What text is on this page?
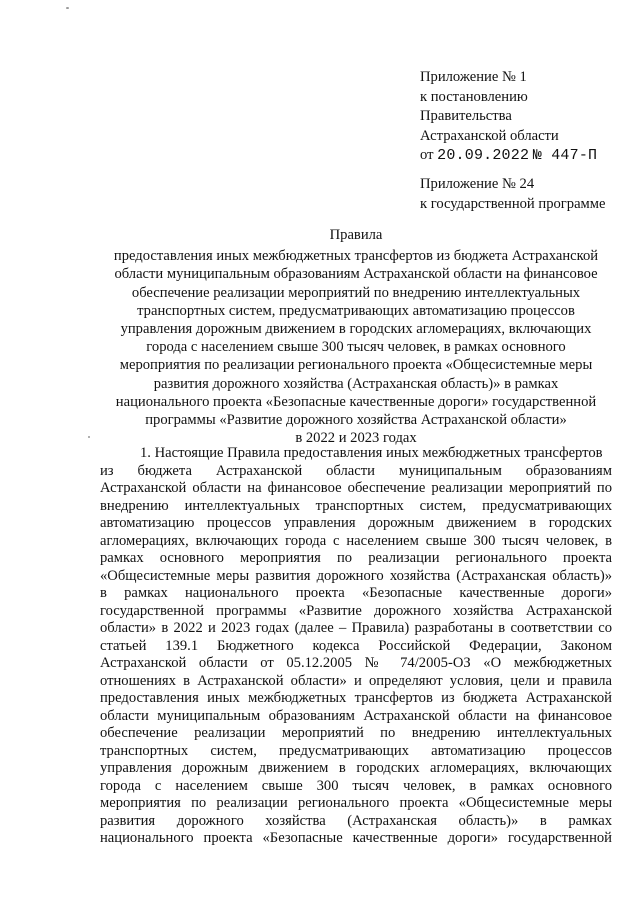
Приложение № 1
к постановлению
Правительства
Астраханской области
от 20.09.2022 № 447-П
Приложение № 24
к государственной программе
Правила
предоставления иных межбюджетных трансфертов из бюджета Астраханской
области муниципальным образованиям Астраханской области на финансовое
обеспечение реализации мероприятий по внедрению интеллектуальных
транспортных систем, предусматривающих автоматизацию процессов
управления дорожным движением в городских агломерациях, включающих
города с населением свыше 300 тысяч человек, в рамках основного
мероприятия по реализации регионального проекта «Общесистемные меры
развития дорожного хозяйства (Астраханская область)» в рамках
национального проекта «Безопасные качественные дороги» государственной
программы «Развитие дорожного хозяйства Астраханской области»
в 2022 и 2023 годах
1. Настоящие Правила предоставления иных межбюджетных трансфертов
из бюджета Астраханской области муниципальным образованиям
Астраханской области на финансовое обеспечение реализации мероприятий по
внедрению интеллектуальных транспортных систем, предусматривающих
автоматизацию процессов управления дорожным движением в городских
агломерациях, включающих города с населением свыше 300 тысяч человек, в
рамках основного мероприятия по реализации регионального проекта
«Общесистемные меры развития дорожного хозяйства (Астраханская область)»
в рамках национального проекта «Безопасные качественные дороги»
государственной программы «Развитие дорожного хозяйства Астраханской
области» в 2022 и 2023 годах (далее – Правила) разработаны в соответствии со
статьей 139.1 Бюджетного кодекса Российской Федерации, Законом
Астраханской области от 05.12.2005 № 74/2005-ОЗ «О межбюджетных
отношениях в Астраханской области» и определяют условия, цели и правила
предоставления иных межбюджетных трансфертов из бюджета Астраханской
области муниципальным образованиям Астраханской области на финансовое
обеспечение реализации мероприятий по внедрению интеллектуальных
транспортных систем, предусматривающих автоматизацию процессов
управления дорожным движением в городских агломерациях, включающих
города с населением свыше 300 тысяч человек, в рамках основного
мероприятия по реализации регионального проекта «Общесистемные меры
развития дорожного хозяйства (Астраханская область)» в рамках
национального проекта «Безопасные качественные дороги» государственной
